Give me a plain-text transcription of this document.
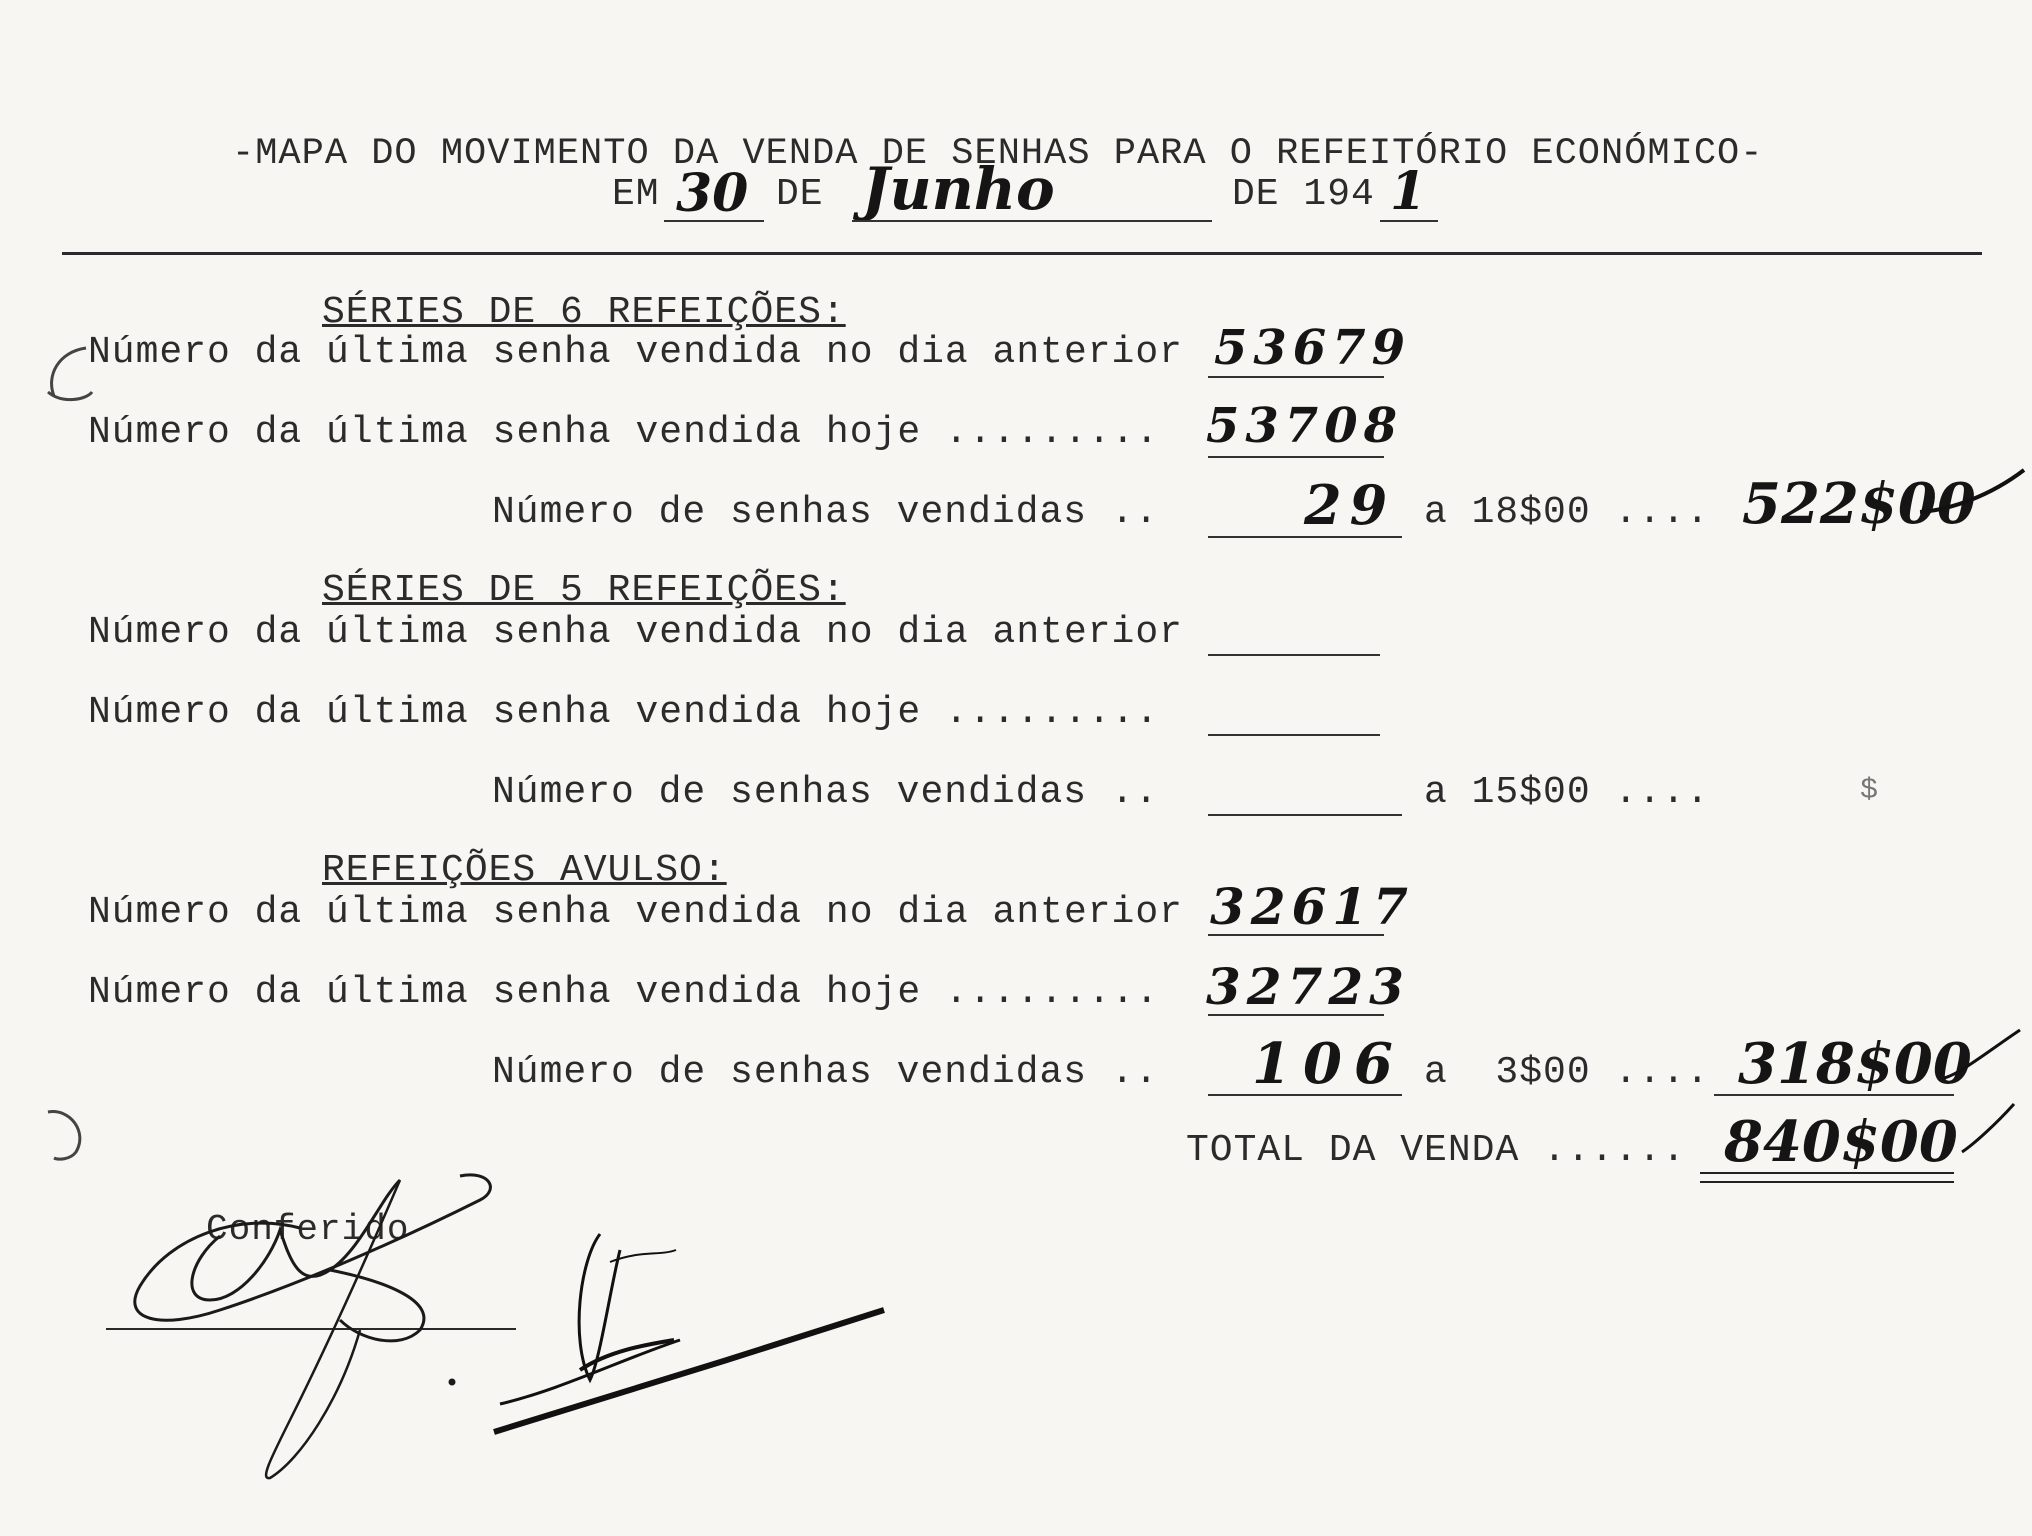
-MAPA DO MOVIMENTO DA VENDA DE SENHAS PARA O REFEITÓRIO ECONÓMICO-
EM 30 DE Junho	DE 194 1
SÉRIES DE 6 REFEIÇÕES:
Número da última senha vendida no dia anterior 53679
Número da última senha vendida hoje ......... 53708
Número de senhas vendidas ..	29 a 18$00 .... 522$00
SÉRIES DE 5 REFEIÇÕES:
Número da última senha vendida no dia anterior
Número da última senha vendida hoje .........
Número de senhas vendidas ..	a 15$00 ....	$
REFEIÇÕES AVULSO:
Número da última senha vendida no dia anterior 32617
Número da última senha vendida hoje ......... 32723
Número de senhas vendidas .. 106 a  3$00 .... 318$00
TOTAL DA VENDA ...... 840$00
Conferido
